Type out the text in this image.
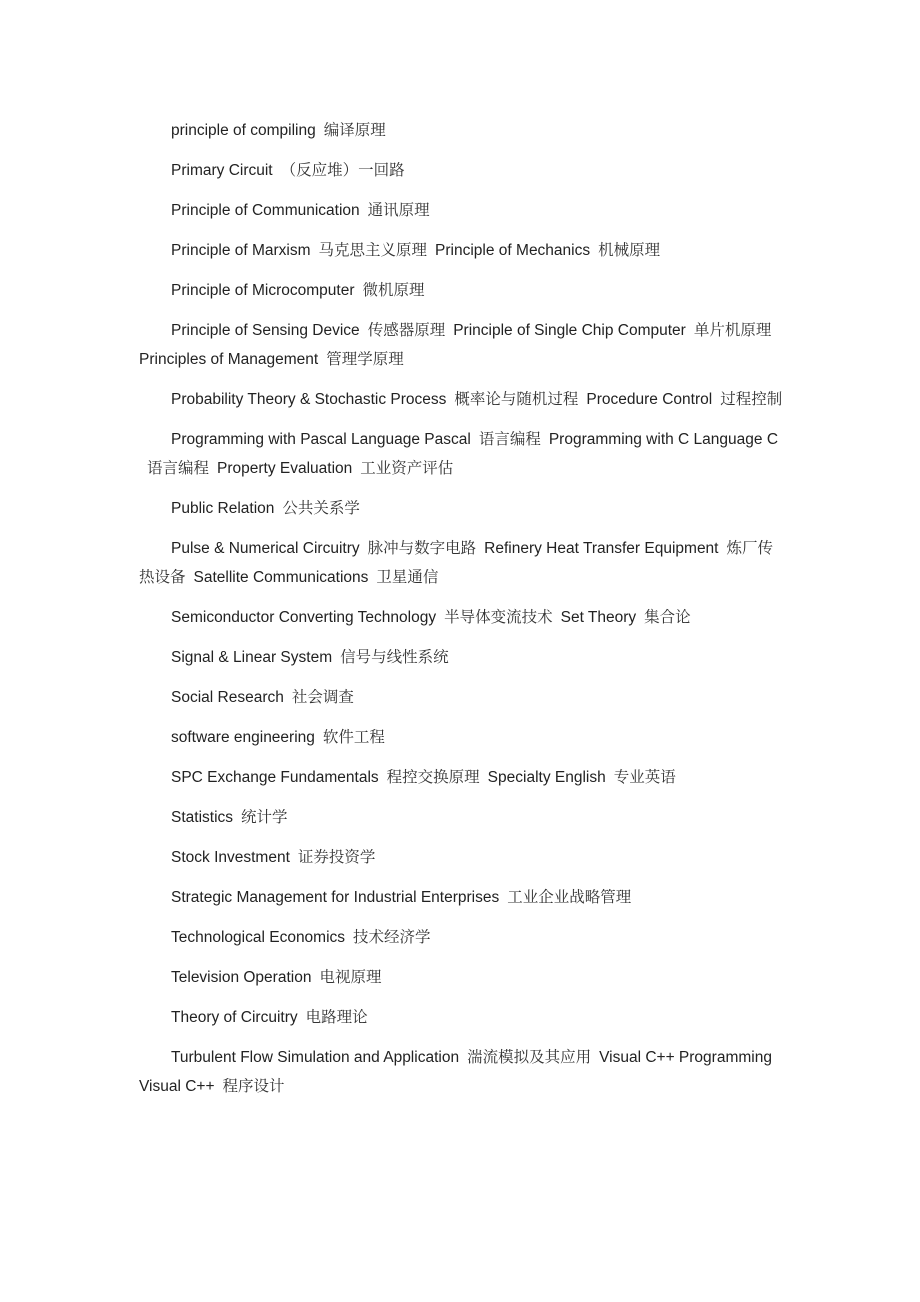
principle of compiling 编译原理

Primary Circuit （反应堆）一回路

Principle of Communication 通讯原理

Principle of Marxism 马克思主义原理 Principle of Mechanics 机械原理

Principle of Microcomputer 微机原理

Principle of Sensing Device 传感器原理 Principle of Single Chip Computer 单片机原理Principles of Management 管理学原理

Probability Theory & Stochastic Process 概率论与随机过程 Procedure Control 过程控制

Programming with Pascal Language Pascal 语言编程 Programming with C Language C语言编程 Property Evaluation 工业资产评估

Public Relation 公共关系学

Pulse & Numerical Circuitry 脉冲与数字电路 Refinery Heat Transfer Equipment 炼厂传热设备 Satellite Communications 卫星通信

Semiconductor Converting Technology 半导体变流技术 Set Theory 集合论

Signal & Linear System 信号与线性系统

Social Research 社会调查

software engineering 软件工程

SPC Exchange Fundamentals 程控交换原理 Specialty English 专业英语

Statistics 统计学

Stock Investment 证券投资学

Strategic Management for Industrial Enterprises 工业企业战略管理

Technological Economics 技术经济学

Television Operation 电视原理

Theory of Circuitry 电路理论

Turbulent Flow Simulation and Application 湍流模拟及其应用 Visual C++ Programming Visual C++ 程序设计
